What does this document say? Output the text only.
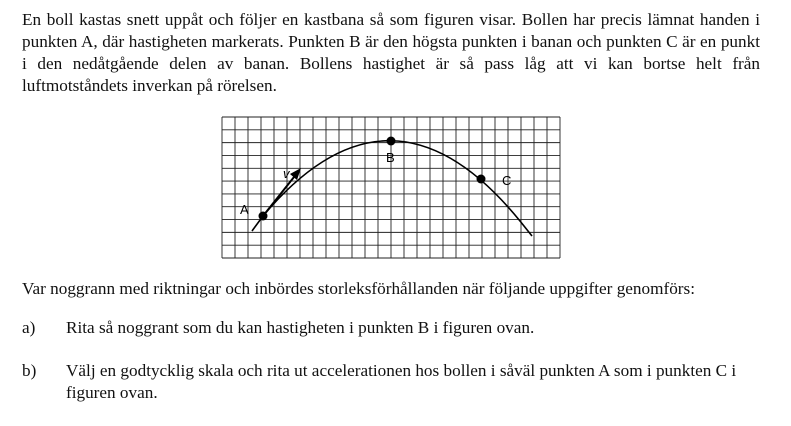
En boll kastas snett uppåt och följer en kastbana så som figuren visar. Bollen har precis lämnat handen i punkten A, där hastigheten markerats. Punkten B är den högsta punkten i banan och punkten C är en punkt i den nedåtgående delen av banan. Bollens hastighet är så pass låg att vi kan bortse helt från luftmotståndets inverkan på rörelsen.

A
B
C
v

Var noggrann med riktningar och inbördes storleksförhållanden när följande uppgifter genomförs:

a) Rita så noggrant som du kan hastigheten i punkten B i figuren ovan.
b) Välj en godtycklig skala och rita ut accelerationen hos bollen i såväl punkten A som i punkten C i figuren ovan.
